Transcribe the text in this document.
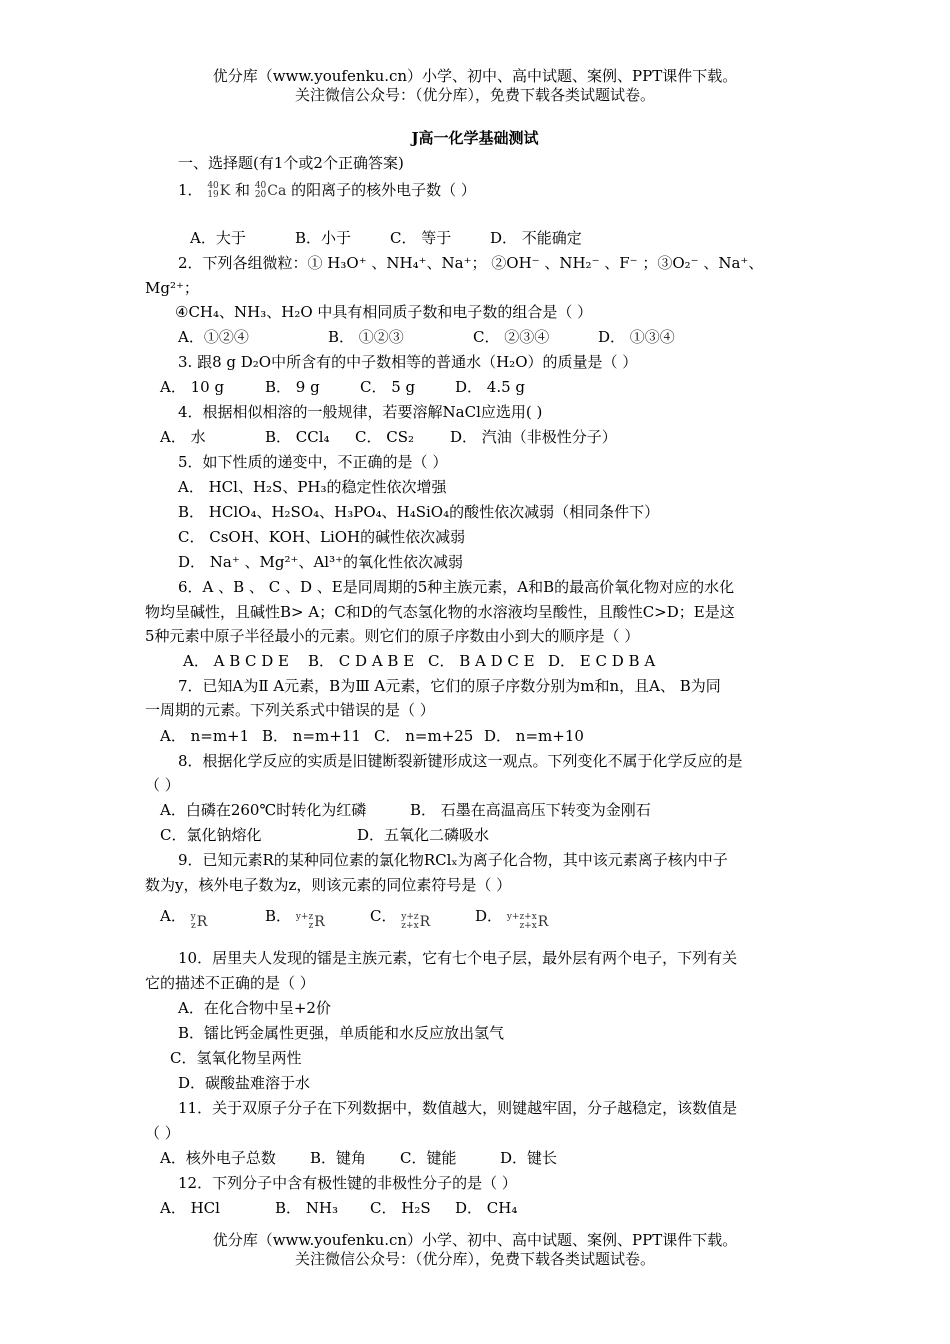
优分库（www.youfenku.cn）小学、初中、高中试题、案例、PPT课件下载。
关注微信公众号：（优分库），免费下载各类试题试卷。
J高一化学基础测试
一、选择题(有1个或2个正确答案)
1． 40
19K 和 40
20Ca 的阳离子的核外电子数（ ）
A．大于	B．小于	C． 等于	D． 不能确定
2．下列各组微粒：① H₃O⁺ 、NH₄⁺、Na⁺； ②OH⁻ 、NH₂⁻ 、F⁻ ；③O₂⁻ 、Na⁺、
Mg²⁺；
④CH₄、NH₃、H₂O 中具有相同质子数和电子数的组合是（ ）
A．①②④	B． ①②③	C． ②③④	D． ①③④
3. 跟8 g D₂O中所含有的中子数相等的普通水（H₂O）的质量是（ ）
A． 10 g	B． 9 g	C． 5 g	D． 4.5 g
4．根据相似相溶的一般规律，若要溶解NaCl应选用( )
A． 水	B． CCl₄ C． CS₂ D． 汽油（非极性分子）
5．如下性质的递变中，不正确的是（ ）
A． HCl、H₂S、PH₃的稳定性依次增强
B． HClO₄、H₂SO₄、H₃PO₄、H₄SiO₄的酸性依次减弱（相同条件下）
C． CsOH、KOH、LiOH的碱性依次减弱
D． Na⁺ 、Mg²⁺、Al³⁺的氧化性依次减弱
6．A 、B 、 C 、D 、E是同周期的5种主族元素，A和B的最高价氧化物对应的水化
物均呈碱性，且碱性B> A；C和D的气态氢化物的水溶液均呈酸性，且酸性C>D；E是这
5种元素中原子半径最小的元素。则它们的原子序数由小到大的顺序是（ ）
A． A B C D E B． C D A B E C． B A D C E D． E C D B A
7．已知A为Ⅱ A元素，B为Ⅲ A元素，它们的原子序数分别为m和n，且A、 B为同
一周期的元素。下列关系式中错误的是（ ）
A． n=m+1 B． n=m+11 C． n=m+25 D． n=m+10
8．根据化学反应的实质是旧键断裂新键形成这一观点。下列变化不属于化学反应的是
（ ）
A．白磷在260℃时转化为红磷	B． 石墨在高温高压下转变为金刚石
C．氯化钠熔化	D．五氧化二磷吸水
9．已知元素R的某种同位素的氯化物RClₓ为离子化合物，其中该元素离子核内中子
数为y，核外电子数为z，则该元素的同位素符号是（ ）
A． y
zR	B． y+z
zR	C． y+z
z+xR	D． y+z+x
z+xR
10．居里夫人发现的镭是主族元素，它有七个电子层，最外层有两个电子，下列有关
它的描述不正确的是（ ）
A．在化合物中呈+2价
B．镭比钙金属性更强，单质能和水反应放出氢气
C．氢氧化物呈两性
D．碳酸盐难溶于水
11．关于双原子分子在下列数据中，数值越大，则键越牢固，分子越稳定，该数值是
（ ）
A．核外电子总数 B．键角 C．键能	D．键长
12．下列分子中含有极性键的非极性分子的是（ ）
A． HCl	B． NH₃ C． H₂S D． CH₄
优分库（www.youfenku.cn）小学、初中、高中试题、案例、PPT课件下载。
关注微信公众号：（优分库），免费下载各类试题试卷。
